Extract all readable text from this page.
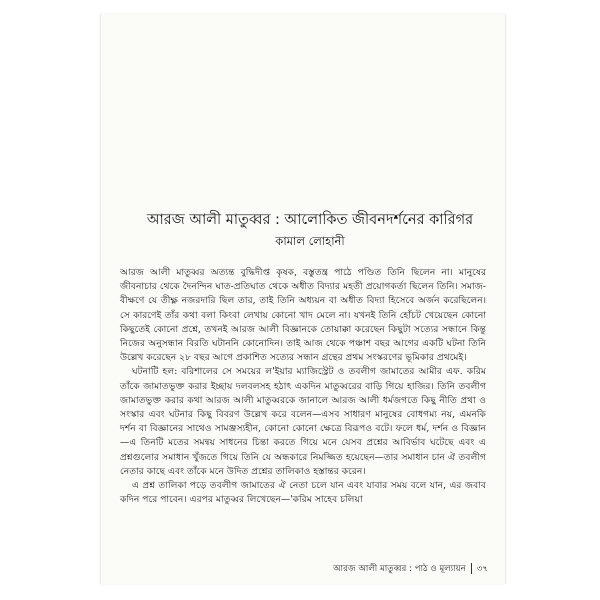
আরজ আলী মাতুব্বর : আলোকিত জীবনদর্শনের কারিগর
কামাল লোহানী

আরজ আলী মাতুব্বর অত্যন্ত বুদ্ধিদীপ্ত কৃষক, বস্তুতন্ত্র পাঠে পণ্ডিত তিনি ছিলেন না। মানুষের জীবনাচার থেকে দৈনন্দিন ঘাত-প্রতিঘাত থেকে অধীত বিদ্যার মহতী প্রয়োগকর্তা ছিলেন তিনি। সমাজ-বীক্ষণে যে তীক্ষ্ণ নজরদারি ছিল তার, তাই তিনি অধ্যয়ন বা অধীত বিদ্যা হিসেবে অর্জন করেছিলেন। সে কারণেই তাঁর কথা বলা কিংবা লেখায় কোনো খাদ মেলে না। যখনই তিনি হোঁচট খেয়েছেন কোনো কিছুতেই কোনো প্রশ্নে, তখনই আরজ আলী বিজ্ঞানকে তোয়াক্কা করেছেন কিছুটা সত্যের সন্ধানে কিন্তু নিজের অনুসন্ধান বিরতি ঘটাননি কোনোদিন। তাই আজ থেকে পঞ্চাশ বছর আগের একটি ঘটনা তিনি উল্লেখ করেছেন ২৮ বছর আগে প্রকাশিত সত্যের সন্ধান গ্রন্থের প্রথম সংস্করণের ভূমিকার প্রথমেই।

ঘটনাটি হল: বরিশালের সে সময়ের ল'ইয়ার ম্যাজিস্ট্রেট ও তবলীগ জামাতের আমীর এফ. করিম তাঁকে জামাতভুক্ত করার ইচ্ছায় দলবলসহ হঠাৎ একদিন মাতুব্বরের বাড়ি গিয়ে হাজির। তিনি তবলীগ জামাতভুক্ত করার কথা আরজ আলী মাতুব্বরকে জানালে আরজ আলী ধর্মজগতে কিছু নীতি প্রথা ও সংস্কার এবং ঘটনার কিছু বিবরণ উল্লেখ করে বলেন—এসব সাধারণ মানুষের বোধগম্য নয়, এমনকি দর্শন বা বিজ্ঞানের সাথেও সামঞ্জস্যহীন, কোনো কোনো ক্ষেত্রে বিরূপও বটে। ফলে ধর্ম, দর্শন ও বিজ্ঞান—এ তিনটি মতের সমন্বয় সাধনের চিন্তা করতে গিয়ে মনে যেসব প্রশ্নের আবির্ভাব ঘটেছে এবং এ প্রশ্নগুলোর সমাধান খুঁজতে গিয়ে তিনি যে অন্ধকারে নিমজ্জিত হয়েছেন—তার সমাধান চান ঐ তবলীগ নেতার কাছে এবং তাঁকে মনে উদিত প্রশ্নের তালিকাও হস্তান্তর করেন।

এ প্রশ্ন তালিকা পড়ে তবলীগ জামাতের ঐ নেতা চলে যান এবং যাবার সময় বলে যান, এর জবাব কদিন পরে পাবেন। এরপর মাতুব্বর লিখেছেন—'করিম সাহেব চলিয়া

আরজ আলী মাতুব্বর : পাঠ ও মূল্যায়ন ৩৭
